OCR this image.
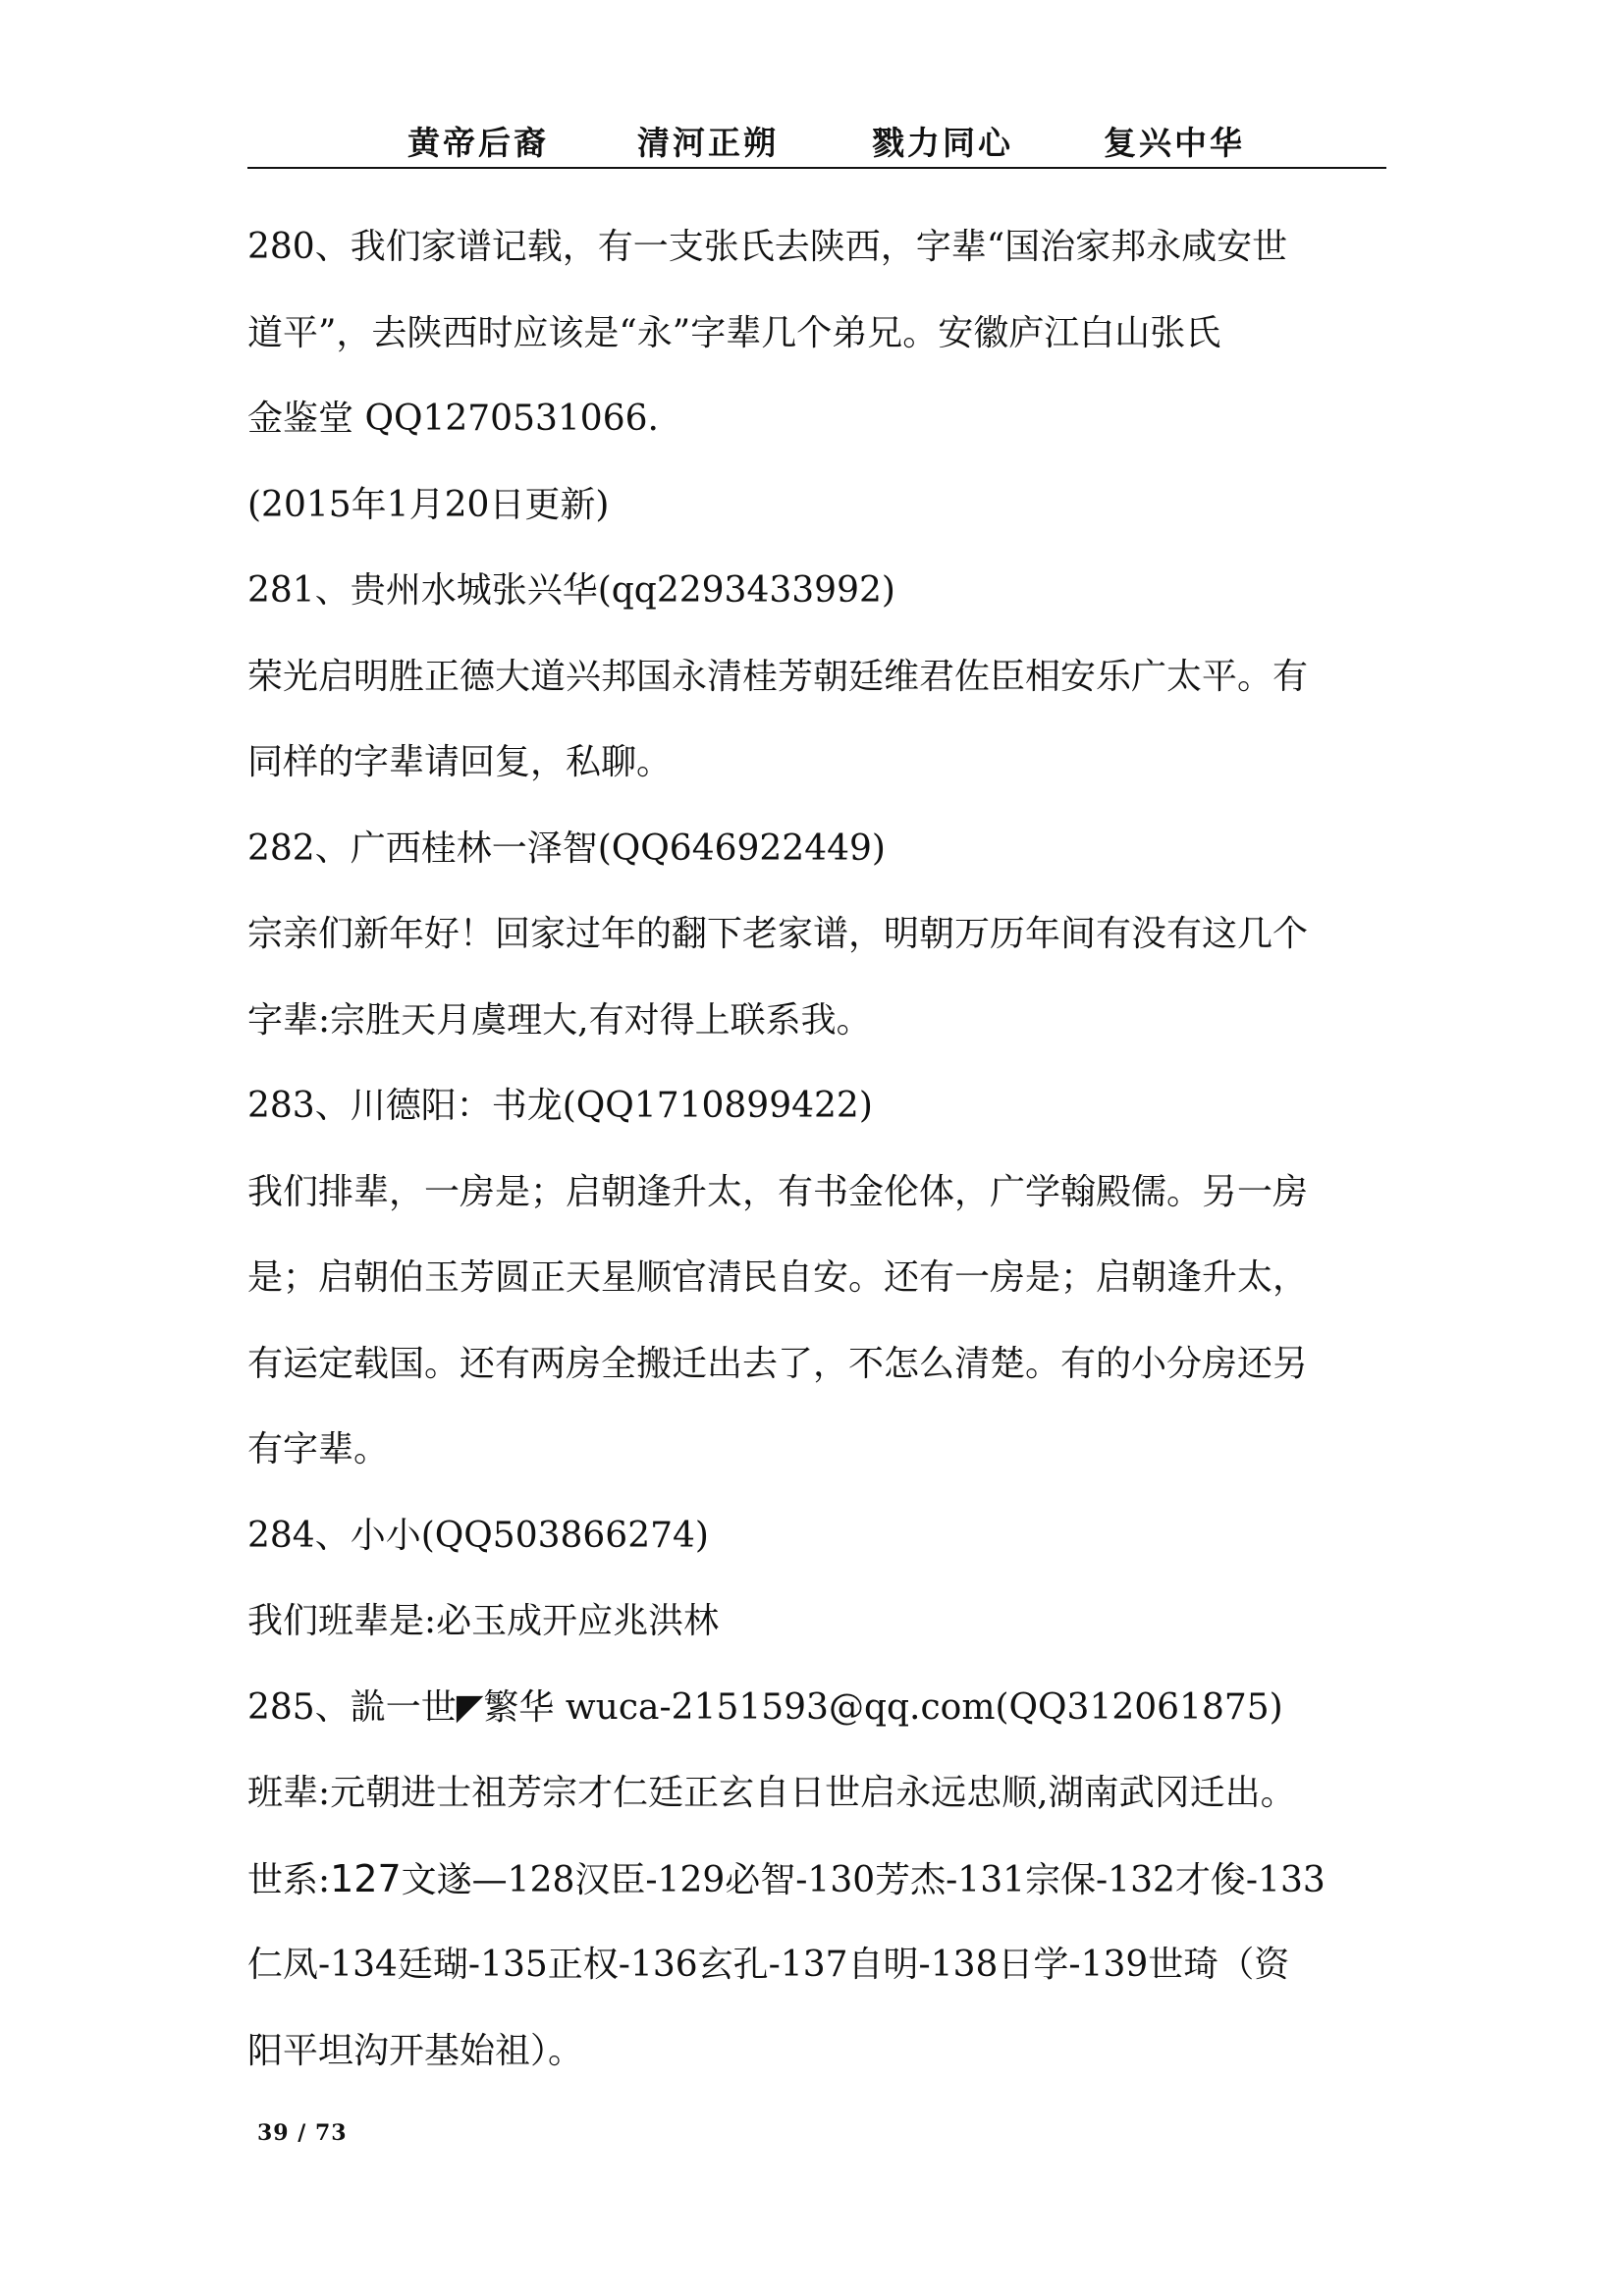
黄帝后裔	清河正朔	戮力同心	复兴中华
280、我们家谱记载，有一支张氏去陕西，字辈“国治家邦永咸安世
道平”，去陕西时应该是“永”字辈几个弟兄。安徽庐江白山张氏
金鉴堂 QQ1270531066.
(2015年1月20日更新)
281、贵州水城张兴华(qq2293433992)
荣光启明胜正德大道兴邦国永清桂芳朝廷维君佐臣相安乐广太平。有
同样的字辈请回复，私聊。
282、广西桂林一泽智(QQ646922449)
宗亲们新年好！回家过年的翻下老家谱，明朝万历年间有没有这几个
字辈:宗胜天月虞理大,有对得上联系我。
283、川德阳：书龙(QQ1710899422)
我们排辈，一房是；启朝逢升太，有书金伦体，广学翰殿儒。另一房
是；启朝伯玉芳圆正天星顺官清民自安。还有一房是；启朝逢升太，
有运定载国。还有两房全搬迁出去了，不怎么清楚。有的小分房还另
有字辈。
284、小小(QQ503866274)
我们班辈是:必玉成开应兆洪林
285、詤一世◤繁华 wuca-2151593@qq.com(QQ312061875)
班辈:元朝进士祖芳宗才仁廷正玄自日世启永远忠顺,湖南武冈迁出。
世系:127文遂—128汉臣-129必智-130芳杰-131宗保-132才俊-133
仁凤-134廷瑚-135正权-136玄孔-137自明-138日学-139世琦（资
阳平坦沟开基始祖）。
39 / 73
